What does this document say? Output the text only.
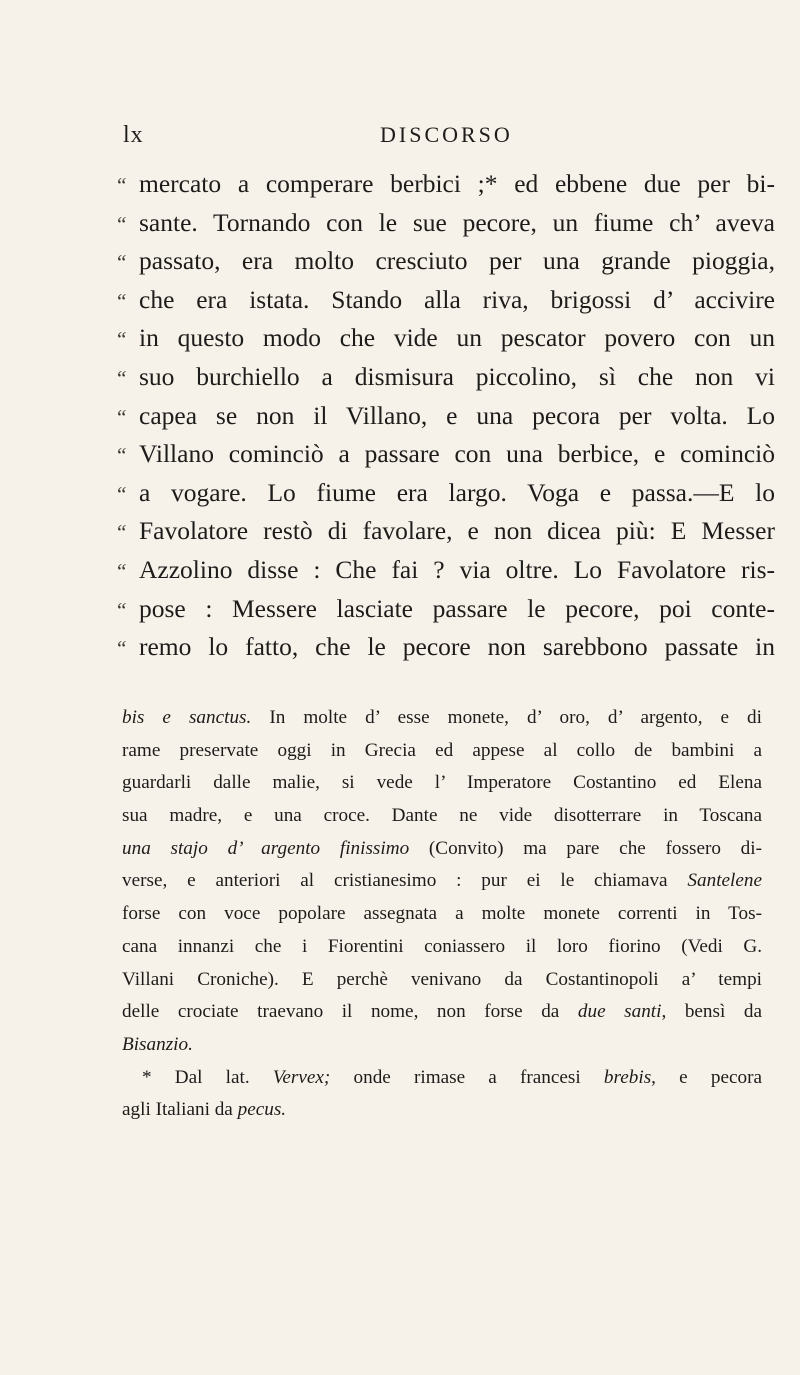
lx	DISCORSO
“ mercato a comperare berbici ;* ed ebbene due per bi-
“ sante. Tornando con le sue pecore, un fiume ch’ aveva
“ passato, era molto cresciuto per una grande pioggia,
“ che era istata. Stando alla riva, brigossi d’ accivire
“ in questo modo che vide un pescator povero con un
“ suo burchiello a dismisura piccolino, sì che non vi
“ capea se non il Villano, e una pecora per volta. Lo
“ Villano cominciò a passare con una berbice, e cominciò
“ a vogare. Lo fiume era largo. Voga e passa.—E lo
“ Favolatore restò di favolare, e non dicea più: E Messer
“ Azzolino disse : Che fai ? via oltre. Lo Favolatore ris-
“ pose : Messere lasciate passare le pecore, poi conte-
“ remo lo fatto, che le pecore non sarebbono passate in
bis e sanctus. In molte d’ esse monete, d’ oro, d’ argento, e di
rame preservate oggi in Grecia ed appese al collo de bambini a
guardarli dalle malie, si vede l’ Imperatore Costantino ed Elena
sua madre, e una croce. Dante ne vide disotterrare in Toscana
una stajo d’ argento finissimo (Convito) ma pare che fossero di-
verse, e anteriori al cristianesimo : pur ei le chiamava Santelene
forse con voce popolare assegnata a molte monete correnti in Tos-
cana innanzi che i Fiorentini coniassero il loro fiorino (Vedi G.
Villani Croniche). E perchè venivano da Costantinopoli a’ tempi
delle crociate traevano il nome, non forse da due santi, bensì da
Bisanzio.
* Dal lat. Vervex; onde rimase a francesi brebis, e pecora
agli Italiani da pecus.
